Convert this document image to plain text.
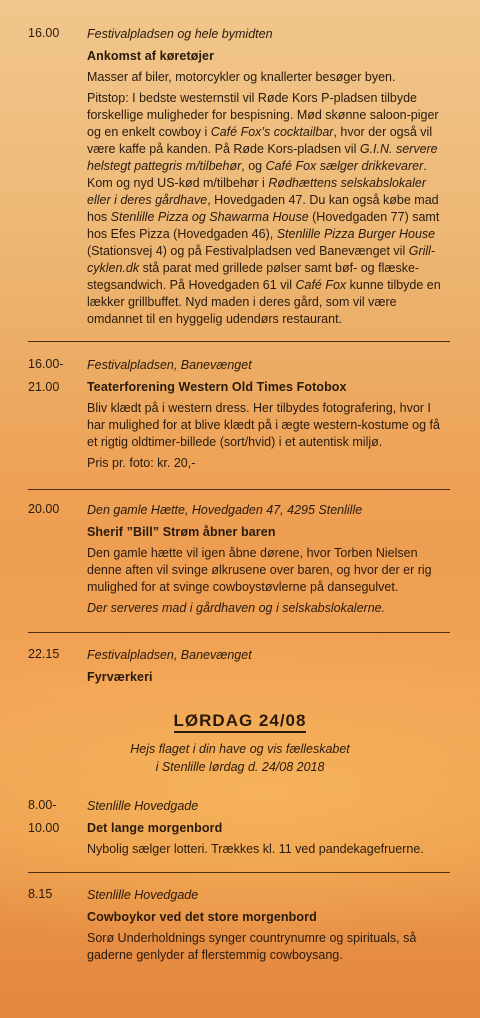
16.00 Festivalpladsen og hele bymidten
Ankomst af køretøjer
Masser af biler, motorcykler og knallerter besøger byen.
Pitstop: I bedste westernstil vil Røde Kors P-pladsen tilbyde forskellige muligheder for bespisning. Mød skønne saloon-piger og en enkelt cowboy i Café Fox’s cocktailbar, hvor der også vil være kaffe på kanden. På Røde Kors-pladsen vil G.I.N. servere helstegt pattegris m/tilbehør, og Café Fox sælger drikkevarer. Kom og nyd US-kød m/tilbehør i Rødhættens selskabslokaler eller i deres gårdhave, Hovedgaden 47. Du kan også købe mad hos Stenlille Pizza og Shawarma House (Hovedgaden 77) samt hos Efes Pizza (Hovedgaden 46), Stenlille Pizza Burger House (Stationsvej 4) og på Festivalpladsen ved Banevænget vil Grill-cyklen.dk stå parat med grillede pølser samt bøf- og flæske-stegsandwich. På Hovedgaden 61 vil Café Fox kunne tilbyde en lækker grillbuffet. Nyd maden i deres gård, som vil være omdannet til en hyggelig udendørs restaurant.
16.00-
21.00
Festivalpladsen, Banevænget
Teaterforening Western Old Times Fotobox
Bliv klædt på i western dress. Her tilbydes fotografering, hvor I har mulighed for at blive klædt på i ægte western-kostume og få et rigtig oldtimer-billede (sort/hvid) i et autentisk miljø.
Pris pr. foto: kr. 20,-
20.00 Den gamle Hætte, Hovedgaden 47, 4295 Stenlille
Sherif ”Bill” Strøm åbner baren
Den gamle hætte vil igen åbne dørene, hvor Torben Nielsen denne aften vil svinge ølkrusene over baren, og hvor der er rig mulighed for at svinge cowboystøvlerne på dansegulvet.
Der serveres mad i gårdhaven og i selskabslokalerne.
22.15 Festivalpladsen, Banevænget
Fyrværkeri
LØRDAG 24/08
Hejs flaget i din have og vis fælleskabet
i Stenlille lørdag d. 24/08 2018
8.00-
10.00
Stenlille Hovedgade
Det lange morgenbord
Nybolig sælger lotteri. Trækkes kl. 11 ved pandekagefruerne.
8.15	Stenlille Hovedgade
Cowboykor ved det store morgenbord
Sorø Underholdnings synger countrynumre og spirituals, så gaderne genlyder af flerstemmig cowboysang.
